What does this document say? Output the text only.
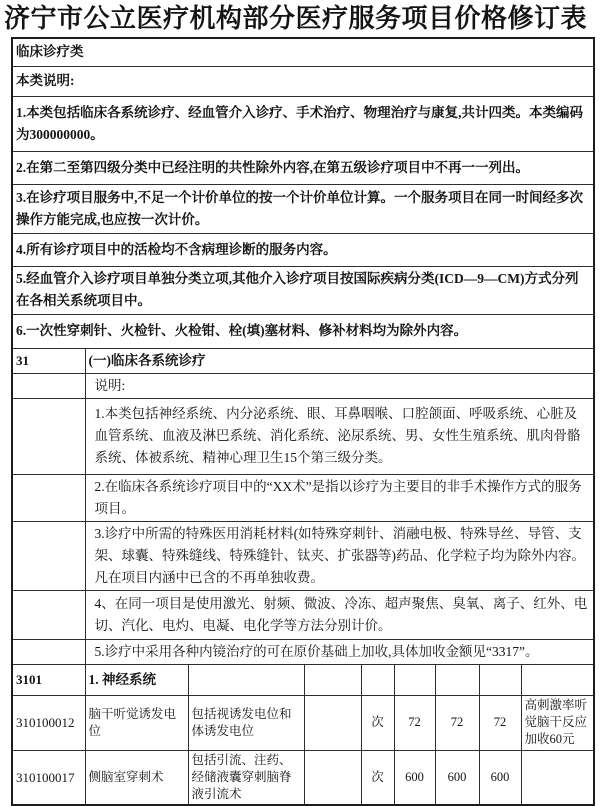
济宁市公立医疗机构部分医疗服务项目价格修订表
临床诊疗类								
本类说明:								
1.本类包括临床各系统诊疗、经血管介入诊疗、手术治疗、物理治疗与康复,共计四类。本类编码为300000000。								
2.在第二至第四级分类中已经注明的共性除外内容,在第五级诊疗项目中不再一一列出。								
3.在诊疗项目服务中,不足一个计价单位的按一个计价单位计算。一个服务项目在同一时间经多次操作方能完成,也应按一次计价。								
4.所有诊疗项目中的活检均不含病理诊断的服务内容。								
5.经血管介入诊疗项目单独分类立项,其他介入诊疗项目按国际疾病分类(ICD—9—CM)方式分列在各相关系统项目中。								
6.一次性穿刺针、火检针、火检钳、栓(填)塞材料、修补材料均为除外内容。								
31	(一)临床各系统诊疗							
	说明:							
	1.本类包括神经系统、内分泌系统、眼、耳鼻咽喉、口腔颌面、呼吸系统、心脏及血管系统、血液及淋巴系统、消化系统、泌尿系统、男、女性生殖系统、肌肉骨骼系统、体被系统、精神心理卫生15个第三级分类。							
	2.在临床各系统诊疗项目中的“XX术”是指以诊疗为主要目的非手术操作方式的服务项目。							
	3.诊疗中所需的特殊医用消耗材料(如特殊穿刺针、消融电极、特殊导丝、导管、支架、球囊、特殊缝线、特殊缝针、钛夹、扩张器等)药品、化学粒子均为除外内容。凡在项目内涵中已含的不再单独收费。							
	4、在同一项目是使用激光、射频、微波、冷冻、超声聚焦、臭氧、离子、红外、电切、汽化、电灼、电凝、电化学等方法分别计价。							
	5.诊疗中采用各种内镜治疗的可在原价基础上加收,具体加收金额见“3317”。							
3101	1. 神经系统							
310100012	脑干听觉诱发电位	包括视诱发电位和体诱发电位		次	72	72	72	高刺激率听觉脑干反应加收60元
310100017	侧脑室穿刺术	包括引流、注药、经储液囊穿刺脑脊液引流术		次	600	600	600	
